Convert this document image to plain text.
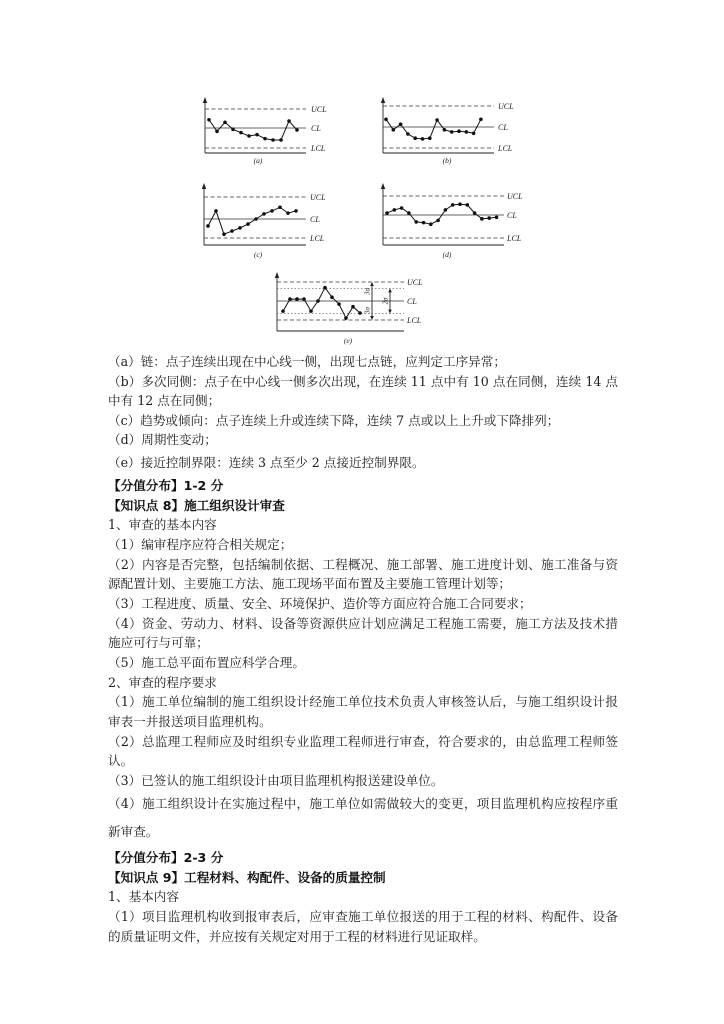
UCL
CL
LCL
(a)
UCL
CL
LCL
(b)
UCL
CL
LCL
(c)
UCL
CL
LCL
(d)
UCL
CL
LCL
3σ
3σ
2σ
(e)
（a）链：点子连续出现在中心线一侧，出现七点链，应判定工序异常；
（b）多次同侧：点子在中心线一侧多次出现，在连续 11 点中有 10 点在同侧，连续 14 点
中有 12 点在同侧；
（c）趋势或倾向：点子连续上升或连续下降，连续 7 点或以上上升或下降排列；
（d）周期性变动；
（e）接近控制界限：连续 3 点至少 2 点接近控制界限。
【分值分布】1-2 分
【知识点 8】施工组织设计审查
1、审查的基本内容
（1）编审程序应符合相关规定；
（2）内容是否完整，包括编制依据、工程概况、施工部署、施工进度计划、施工准备与资
源配置计划、主要施工方法、施工现场平面布置及主要施工管理计划等；
（3）工程进度、质量、安全、环境保护、造价等方面应符合施工合同要求；
（4）资金、劳动力、材料、设备等资源供应计划应满足工程施工需要，施工方法及技术措
施应可行与可靠；
（5）施工总平面布置应科学合理。
2、审查的程序要求
（1）施工单位编制的施工组织设计经施工单位技术负责人审核签认后，与施工组织设计报
审表一并报送项目监理机构。
（2）总监理工程师应及时组织专业监理工程师进行审查，符合要求的，由总监理工程师签
认。
（3）已签认的施工组织设计由项目监理机构报送建设单位。
（4）施工组织设计在实施过程中，施工单位如需做较大的变更，项目监理机构应按程序重
新审查。
【分值分布】2-3 分
【知识点 9】工程材料、构配件、设备的质量控制
1、基本内容
（1）项目监理机构收到报审表后，应审查施工单位报送的用于工程的材料、构配件、设备
的质量证明文件，并应按有关规定对用于工程的材料进行见证取样。
